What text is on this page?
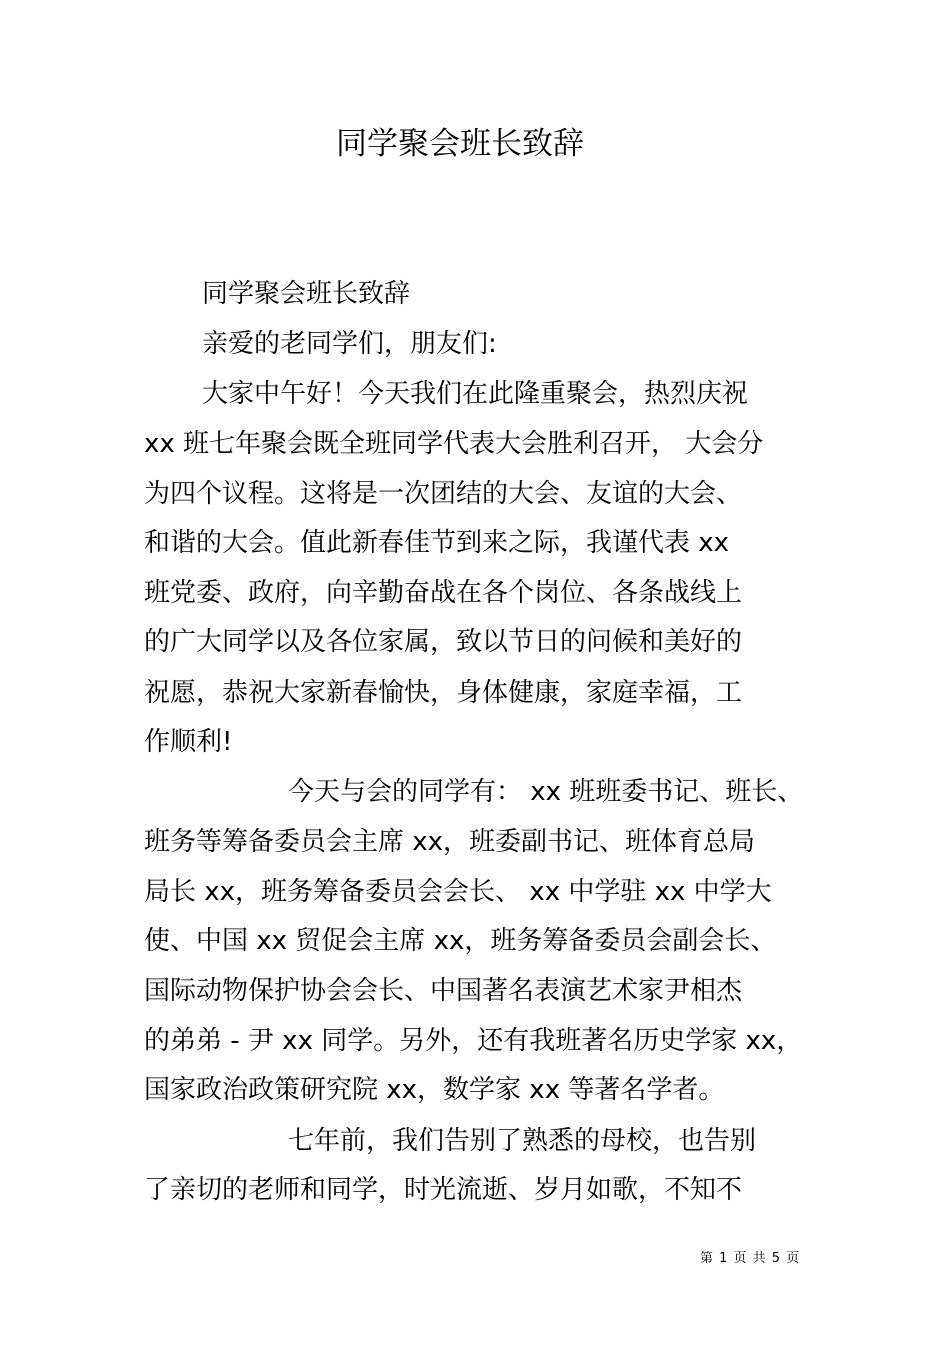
同学聚会班长致辞
同学聚会班长致辞
亲爱的老同学们，朋友们:
大家中午好！今天我们在此隆重聚会，热烈庆祝
xx 班七年聚会既全班同学代表大会胜利召开， 大会分
为四个议程。这将是一次团结的大会、友谊的大会、
和谐的大会。值此新春佳节到来之际，我谨代表 xx
班党委、政府，向辛勤奋战在各个岗位、各条战线上
的广大同学以及各位家属，致以节日的问候和美好的
祝愿，恭祝大家新春愉快，身体健康，家庭幸福，工
作顺利!
今天与会的同学有： xx 班班委书记、班长、
班务等筹备委员会主席 xx，班委副书记、班体育总局
局长 xx，班务筹备委员会会长、 xx 中学驻 xx 中学大
使、中国 xx 贸促会主席 xx，班务筹备委员会副会长、
国际动物保护协会会长、中国著名表演艺术家尹相杰
的弟弟 - 尹 xx 同学。另外，还有我班著名历史学家 xx，
国家政治政策研究院 xx，数学家 xx 等著名学者。
七年前，我们告别了熟悉的母校，也告别
了亲切的老师和同学，时光流逝、岁月如歌，不知不
第 1 页 共 5 页
